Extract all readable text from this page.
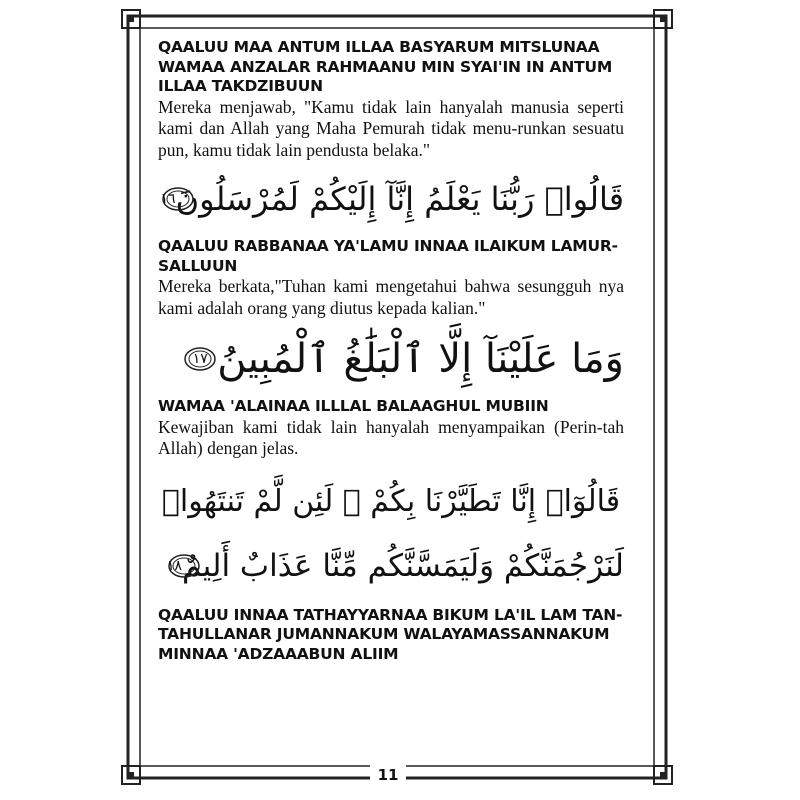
QAALUU MAA ANTUM ILLAA BASYARUM MITSLUNAA WAMAA ANZALAR RAHMAANU MIN SYAI'IN IN ANTUM ILLAA TAKDZIBUUN

Mereka menjawab, "Kamu tidak lain hanyalah manusia seperti kami dan Allah yang Maha Pemurah tidak menu-runkan sesuatu pun, kamu tidak lain pendusta belaka."

قَالُوا۟ رَبُّنَا يَعْلَمُ إِنَّآ إِلَيْكُمْ لَمُرْسَلُونَ
١٦

QAALUU RABBANAA YA'LAMU INNAA ILAIKUM LAMUR-SALLUUN

Mereka berkata,"Tuhan kami mengetahui bahwa sesungguh nya kami adalah orang yang diutus kepada kalian."

وَمَا عَلَيْنَآ إِلَّا ٱلْبَلَٰغُ ٱلْمُبِينُ
١٧

WAMAA 'ALAINAA ILLLAL BALAAGHUL MUBIIN

Kewajiban kami tidak lain hanyalah menyampaikan (Perin-tah Allah) dengan jelas.

قَالُوٓا۟ إِنَّا تَطَيَّرْنَا بِكُمْ ۖ لَئِن لَّمْ تَنتَهُوا۟
لَنَرْجُمَنَّكُمْ وَلَيَمَسَّنَّكُم مِّنَّا عَذَابٌ أَلِيمٌ
١٨

QAALUU INNAA TATHAYYARNAA BIKUM LA'IL LAM TAN-TAHULLANAR JUMANNAKUM WALAYAMASSANNAKUM MINNAA 'ADZAAABUN ALIIM

11
